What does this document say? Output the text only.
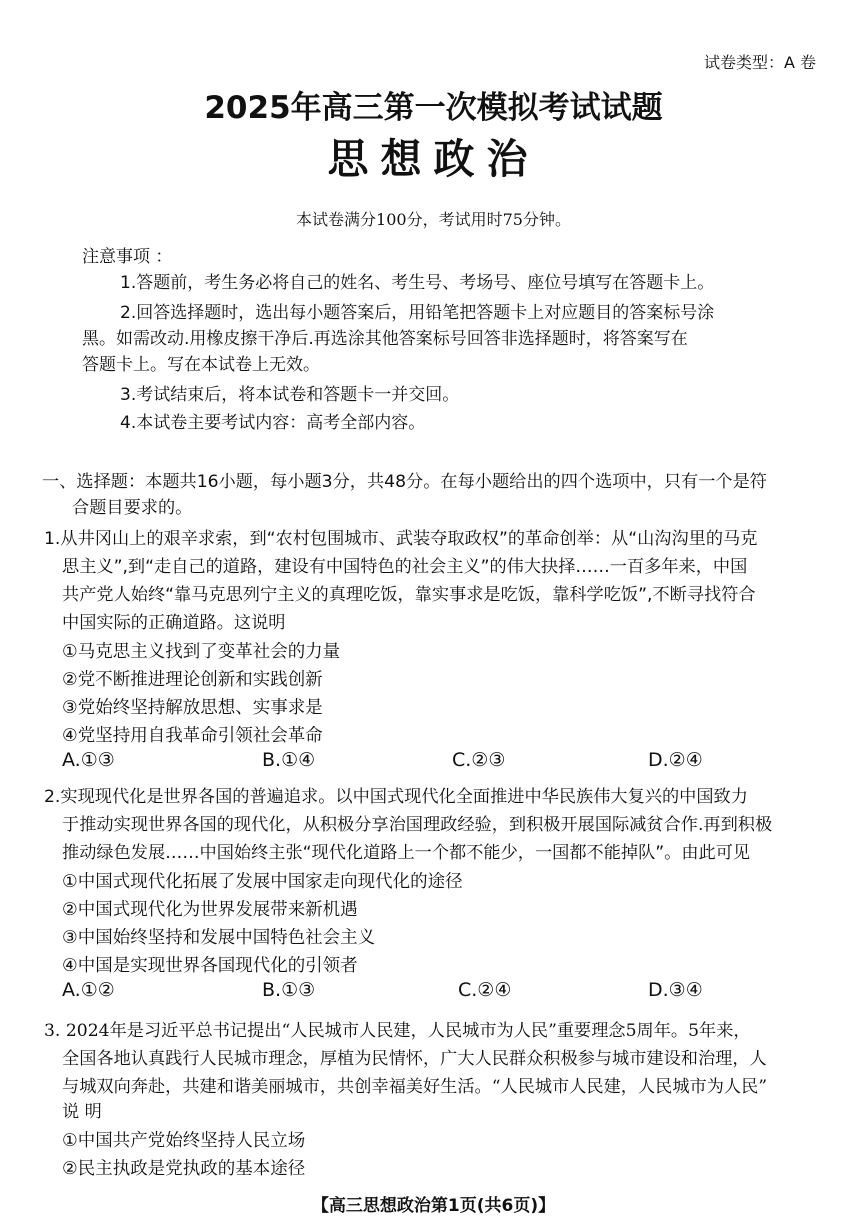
试卷类型：A 卷
2025年高三第一次模拟考试试题
思想政治
本试卷满分100分，考试用时75分钟。
注意事项 ：
1.答题前，考生务必将自己的姓名、考生号、考场号、座位号填写在答题卡上。
2.回答选择题时，选出每小题答案后，用铅笔把答题卡上对应题目的答案标号涂
黑。如需改动.用橡皮擦干净后.再选涂其他答案标号回答非选择题时，将答案写在
答题卡上。写在本试卷上无效。
3.考试结束后，将本试卷和答题卡一并交回。
4.本试卷主要考试内容：高考全部内容。
一、选择题：本题共16小题，每小题3分，共48分。在每小题给出的四个选项中，只有一个是符
合题目要求的。
1.从井冈山上的艰辛求索，到“农村包围城市、武装夺取政权”的革命创举：从“山沟沟里的马克
思主义”,到“走自己的道路，建设有中国特色的社会主义”的伟大抉择……一百多年来，中国
共产党人始终“靠马克思列宁主义的真理吃饭，靠实事求是吃饭，靠科学吃饭”,不断寻找符合
中国实际的正确道路。这说明
①马克思主义找到了变革社会的力量
②党不断推进理论创新和实践创新
③党始终坚持解放思想、实事求是
④党坚持用自我革命引领社会革命
A.①③	B.①④	C.②③	D.②④
2.实现现代化是世界各国的普遍追求。以中国式现代化全面推进中华民族伟大复兴的中国致力
于推动实现世界各国的现代化，从积极分享治国理政经验，到积极开展国际减贫合作.再到积极
推动绿色发展……中国始终主张“现代化道路上一个都不能少，一国都不能掉队”。由此可见
①中国式现代化拓展了发展中国家走向现代化的途径
②中国式现代化为世界发展带来新机遇
③中国始终坚持和发展中国特色社会主义
④中国是实现世界各国现代化的引领者
A.①②	B.①③	C.②④	D.③④
3. 2024年是习近平总书记提出“人民城市人民建，人民城市为人民”重要理念5周年。5年来，
全国各地认真践行人民城市理念，厚植为民情怀，广大人民群众积极参与城市建设和治理，人
与城双向奔赴，共建和谐美丽城市，共创幸福美好生活。“人民城市人民建，人民城市为人民”
说 明
①中国共产党始终坚持人民立场
②民主执政是党执政的基本途径
【高三思想政治第1页(共6页)】
